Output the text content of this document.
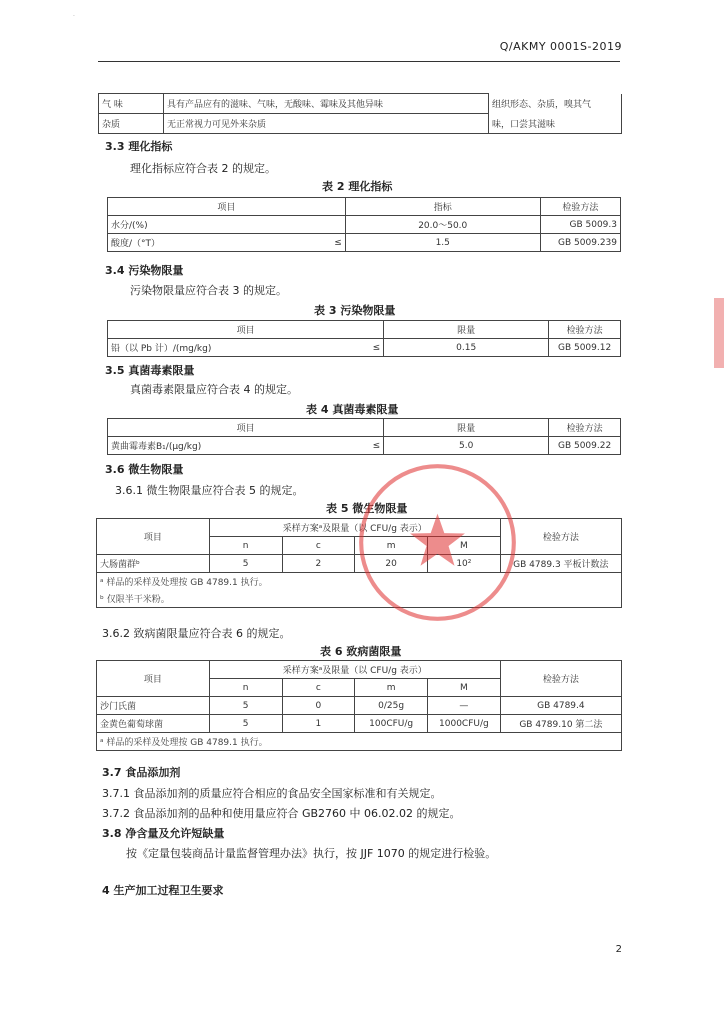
.
Q/AKMY 0001S-2019
气 味	具有产品应有的滋味、气味，无酸味、霉味及其他异味	组织形态、杂质，嗅其气
杂质	无正常视力可见外来杂质	味，口尝其滋味
3.3 理化指标
理化指标应符合表 2 的规定。
表 2 理化指标
项目		指标	检验方法
水分/(%)		20.0～50.0	GB 5009.3
酸度/（°T）	≤	1.5	GB 5009.239
3.4 污染物限量
污染物限量应符合表 3 的规定。
表 3 污染物限量
项目		限量	检验方法
铅（以 Pb 计）/(mg/kg)	≤	0.15	GB 5009.12
3.5 真菌毒素限量
真菌毒素限量应符合表 4 的规定。
表 4 真菌毒素限量
项目		限量	检验方法
黄曲霉毒素B₁/(μg/kg)	≤	5.0	GB 5009.22
3.6 微生物限量
3.6.1 微生物限量应符合表 5 的规定。
表 5 微生物限量
项目	采样方案ᵃ及限量（以 CFU/g 表示）				检验方法
	n	c	m	M	
大肠菌群ᵇ	5	2	20	10²	GB 4789.3 平板计数法
ᵃ 样品的采样及处理按 GB 4789.1 执行。					
ᵇ 仅限半干米粉。					
3.6.2 致病菌限量应符合表 6 的规定。
表 6 致病菌限量
项目	采样方案ᵃ及限量（以 CFU/g 表示）				检验方法
	n	c	m	M	
沙门氏菌	5	0	0/25g	—	GB 4789.4
金黄色葡萄球菌	5	1	100CFU/g	1000CFU/g	GB 4789.10 第二法
ᵃ 样品的采样及处理按 GB 4789.1 执行。					
3.7 食品添加剂
3.7.1 食品添加剂的质量应符合相应的食品安全国家标准和有关规定。
3.7.2 食品添加剂的品种和使用量应符合 GB2760 中 06.02.02 的规定。
3.8 净含量及允许短缺量
按《定量包装商品计量监督管理办法》执行，按 JJF 1070 的规定进行检验。
4 生产加工过程卫生要求
2
